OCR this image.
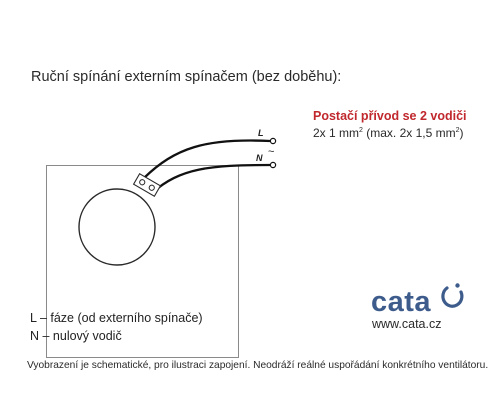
Ruční spínání externím spínačem (bez doběhu):
Postačí přívod se 2 vodiči
2x 1 $mm^2$ (max. 2x 1,5 $mm^2$)
L
N ~
cata
www.cata.cz
L – fáze (od externího spínače)
N – nulový vodič
Vyobrazení je schematické, pro ilustraci zapojení. Neodráží reálné uspořádání konkrétního ventilátoru.
